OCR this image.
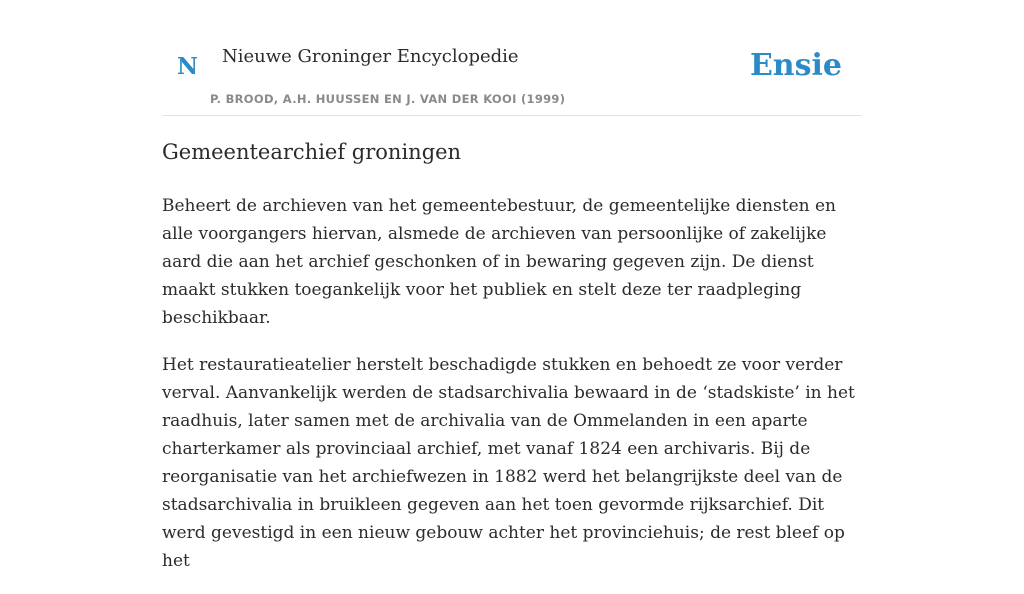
N Nieuwe Groninger Encyclopedie
P. BROOD, A.H. HUUSSEN EN J. VAN DER KOOI (1999)
Ensie
Gemeentearchief groningen

Beheert de archieven van het gemeentebestuur, de gemeentelijke diensten en alle voorgangers hiervan, alsmede de archieven van persoonlijke of zakelijke aard die aan het archief geschonken of in bewaring gegeven zijn. De dienst maakt stukken toegankelijk voor het publiek en stelt deze ter raadpleging beschikbaar.

Het restauratieatelier herstelt beschadigde stukken en behoedt ze voor verder verval. Aanvankelijk werden de stadsarchivalia bewaard in de ‘stadskiste’ in het raadhuis, later samen met de archivalia van de Ommelanden in een aparte charterkamer als provinciaal archief, met vanaf 1824 een archivaris. Bij de reorganisatie van het archiefwezen in 1882 werd het belangrijkste deel van de stadsarchivalia in bruikleen gegeven aan het toen gevormde rijksarchief. Dit werd gevestigd in een nieuw gebouw achter het provinciehuis; de rest bleef op het
